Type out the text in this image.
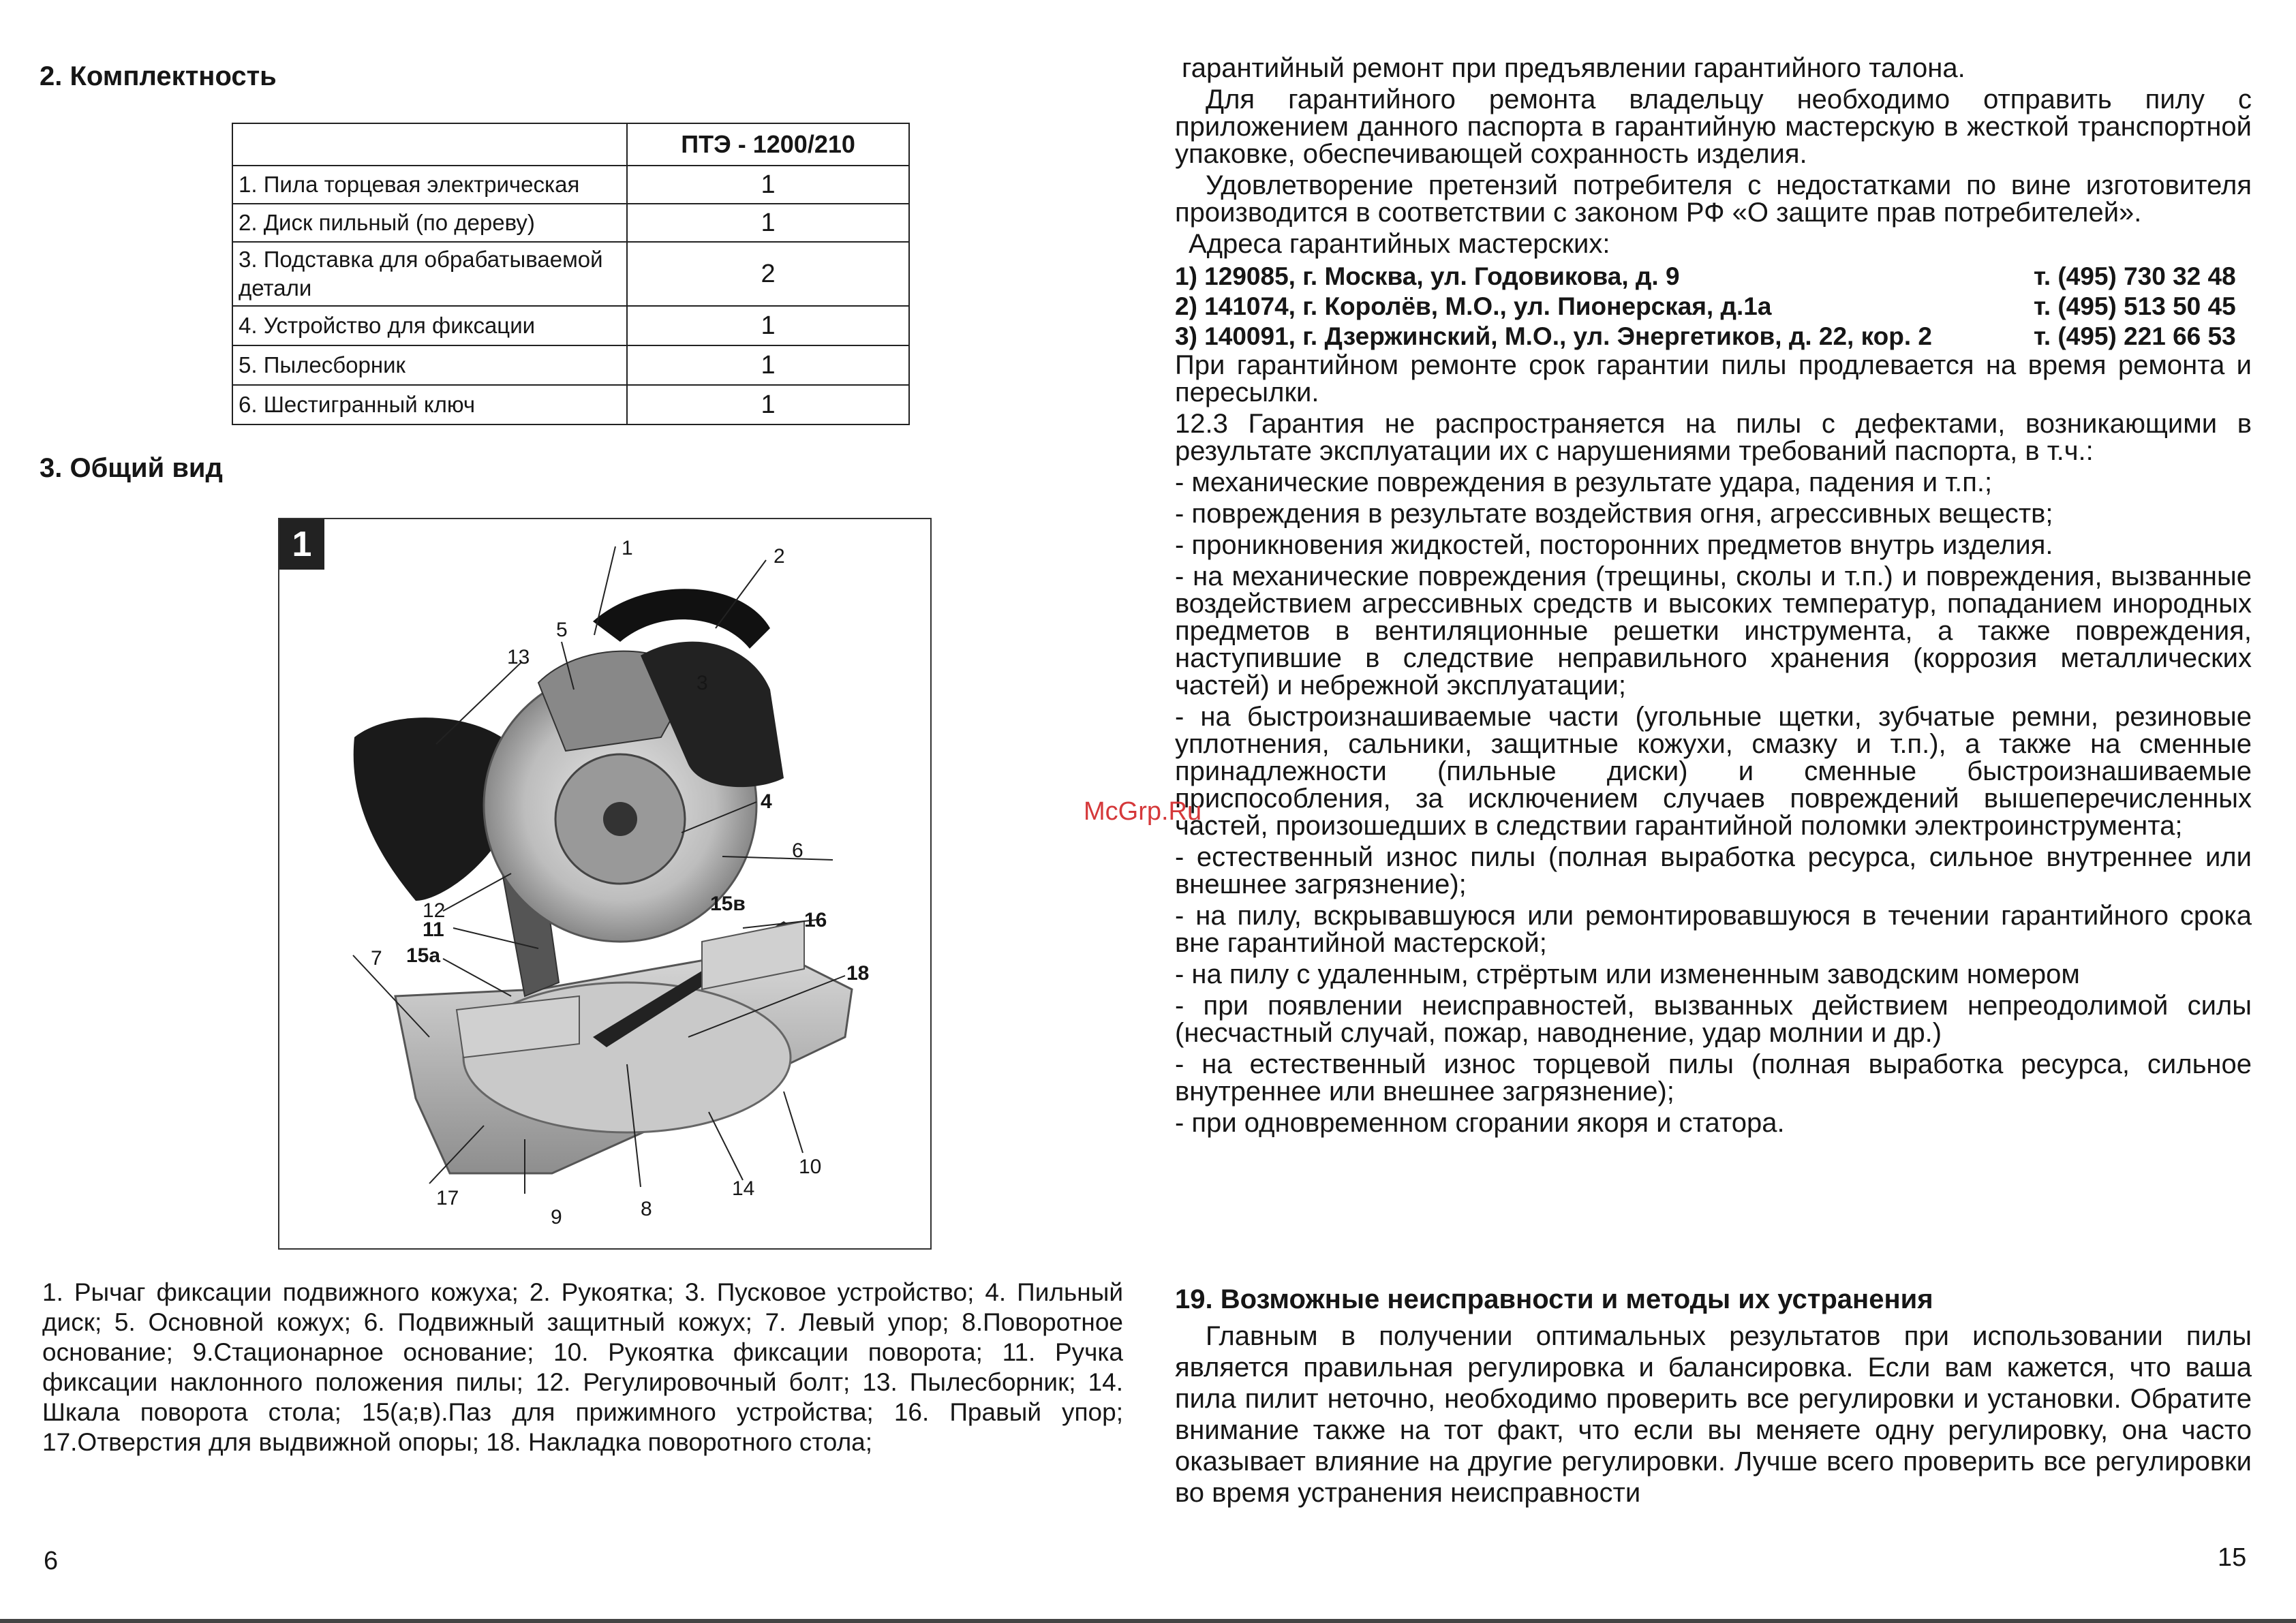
2. Комплектность
	ПТЭ - 1200/210
1. Пила торцевая электрическая	1
2. Диск пильный (по дереву)	1
3. Подставка для обрабатываемой детали	2
4. Устройство для фиксации	1
5. Пылесборник	1
6. Шестигранный ключ	1
3. Общий вид
1	1	2
3
4
5
6
7
8
9
10
11
12
13
14
15а
15в
16
17
18

1. Рычаг фиксации подвижного кожуха; 2. Рукоятка; 3. Пусковое устройство; 4. Пильный диск; 5. Основной кожух; 6. Подвижный защитный кожух; 7. Левый упор; 8.Поворотное основание; 9.Стационарное основание; 10. Рукоятка фиксации поворота; 11. Ручка фиксации наклонного положения пилы; 12. Регулировочный болт; 13. Пылесборник; 14. Шкала поворота стола; 15(а;в).Паз для прижимного устройства; 16. Правый упор; 17.Отверстия для выдвижной опоры; 18. Накладка поворотного стола;

6

гарантийный ремонт при предъявлении гарантийного талона.

Для гарантийного ремонта владельцу необходимо отправить пилу с приложением данного паспорта в гарантийную мастерскую в жесткой транспортной упаковке, обеспечивающей сохранность изделия.

Удовлетворение претензий потребителя с недостатками по вине изготовителя производится в соответствии с законом РФ «О защите прав потребителей».

Адреса гарантийных мастерских:

1) 129085, г. Москва, ул. Годовикова, д. 9	т. (495) 730 32 48
2) 141074, г. Королёв, М.О., ул. Пионерская, д.1а	т. (495) 513 50 45
3) 140091, г. Дзержинский, М.О., ул. Энергетиков, д. 22, кор. 2	т. (495) 221 66 53

При гарантийном ремонте срок гарантии пилы продлевается на время ремонта и пересылки.

12.3 Гарантия не распространяется на пилы с дефектами, возникающими в результате эксплуатации их с нарушениями требований паспорта, в т.ч.:

- механические повреждения в результате удара, падения и т.п.;

- повреждения в результате воздействия огня, агрессивных веществ;

- проникновения жидкостей, посторонних предметов внутрь изделия.

- на механические повреждения (трещины, сколы и т.п.) и повреждения, вызванные воздействием агрессивных средств и высоких температур, попаданием инородных предметов в вентиляционные решетки инструмента, а также повреждения, наступившие в следствие неправильного хранения (коррозия металлических частей) и небрежной эксплуатации;

- на быстроизнашиваемые части (угольные щетки, зубчатые ремни, резиновые уплотнения, сальники, защитные кожухи, смазку и т.п.), а также на сменные принадлежности (пильные диски) и сменные быстроизнашиваемые приспособления, за исключением случаев повреждений вышеперечисленных частей, произошедших в следствии гарантийной поломки электроинструмента;

- естественный износ пилы (полная выработка ресурса, сильное внутреннее или внешнее загрязнение);

- на пилу, вскрывавшуюся или ремонтировавшуюся в течении гарантийного срока вне гарантийной мастерской;

- на пилу с удаленным, стрёртым или измененным заводским номером

- при появлении неисправностей, вызванных действием непреодолимой силы (несчастный случай, пожар, наводнение, удар молнии и др.)

- на естественный износ торцевой пилы (полная выработка ресурса, сильное внутреннее или внешнее загрязнение);

- при одновременном сгорании якоря и статора.

19. Возможные неисправности и методы их устранения

Главным в получении оптимальных результатов при использовании пилы является правильная регулировка и балансировка. Если вам кажется, что ваша пила пилит неточно, необходимо проверить все регулировки и установки. Обратите внимание также на тот факт, что если вы меняете одну регулировку, она часто оказывает влияние на другие регулировки. Лучше всего проверить все регулировки во время устранения неисправности

15
McGrp.Ru
